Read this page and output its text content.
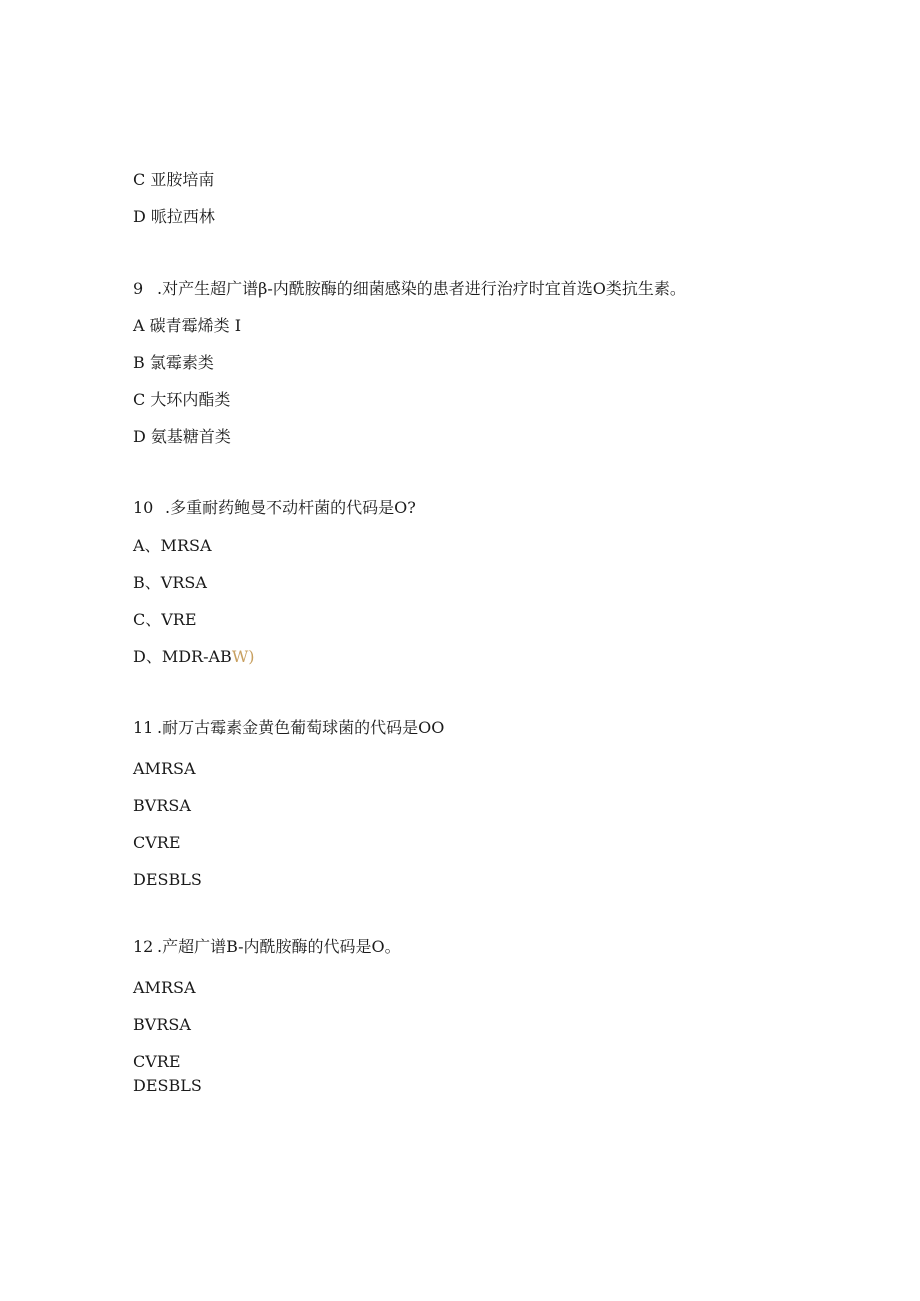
C 亚胺培南
D 哌拉西林
9 .对产生超广谱β-内酰胺酶的细菌感染的患者进行治疗时宜首选O类抗生素。
A 碳青霉烯类 I
B 氯霉素类
C 大环内酯类
D 氨基糖首类
10 .多重耐药鲍曼不动杆菌的代码是O?
A、MRSA
B、VRSA
C、VRE
D、MDR-ABW)
11 .耐万古霉素金黄色葡萄球菌的代码是OO
AMRSA
BVRSA
CVRE
DESBLS
12 .产超广谱B-内酰胺酶的代码是O。
AMRSA
BVRSA
CVRE
DESBLS
